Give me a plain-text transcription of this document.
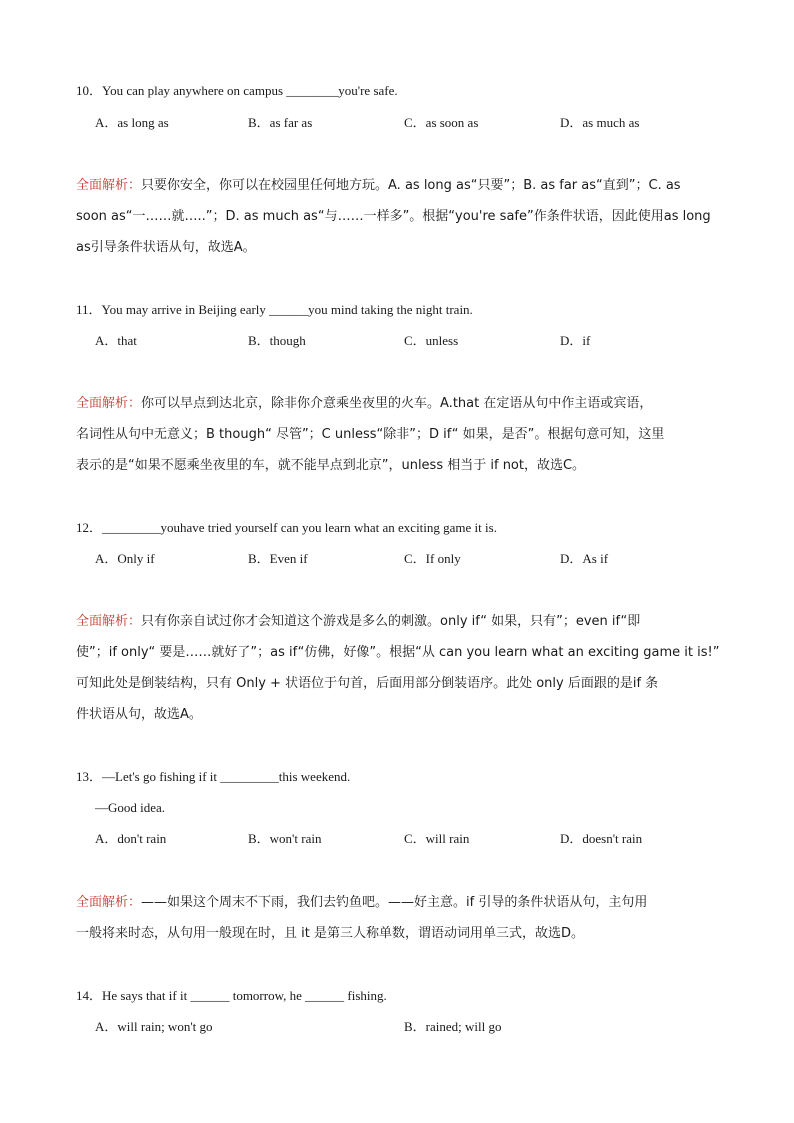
10．You can play anywhere on campus ________you're safe.
A．as long as	B．as far as	C．as soon as	D．as much as
全面解析：只要你安全，你可以在校园里任何地方玩。A. as long as“只要”；B. as far as“直到”；C. as
soon as“一……就…..”；D. as much as“与……一样多”。根据“you're safe”作条件状语，因此使用as long
as引导条件状语从句，故选A。
11．You may arrive in Beijing early ______you mind taking the night train.
A．that	B．though	C．unless	D．if
全面解析：你可以早点到达北京，除非你介意乘坐夜里的火车。A.that 在定语从句中作主语或宾语，
名词性从句中无意义；B though“ 尽管”；C unless“除非”；D if“ 如果，是否”。根据句意可知，这里
表示的是“如果不愿乘坐夜里的车，就不能早点到北京”，unless 相当于 if not，故选C。
12．_________youhave tried yourself can you learn what an exciting game it is.
A．Only if	B．Even if	C．If only	D．As if
全面解析：只有你亲自试过你才会知道这个游戏是多么的刺激。only if“ 如果，只有”；even if“即
使”；if only“ 要是……就好了”；as if“仿佛，好像”。根据“从 can you learn what an exciting game it is!”
可知此处是倒装结构，只有 Only + 状语位于句首，后面用部分倒装语序。此处 only 后面跟的是if 条
件状语从句，故选A。
13．—Let's go fishing if it _________this weekend.
—Good idea.
A．don't rain	B．won't rain	C．will rain	D．doesn't rain
全面解析：——如果这个周末不下雨，我们去钓鱼吧。——好主意。if 引导的条件状语从句，主句用
一般将来时态，从句用一般现在时，且 it 是第三人称单数，谓语动词用单三式，故选D。
14．He says that if it ______ tomorrow, he ______ fishing.
A．will rain; won't go	B．rained; will go
